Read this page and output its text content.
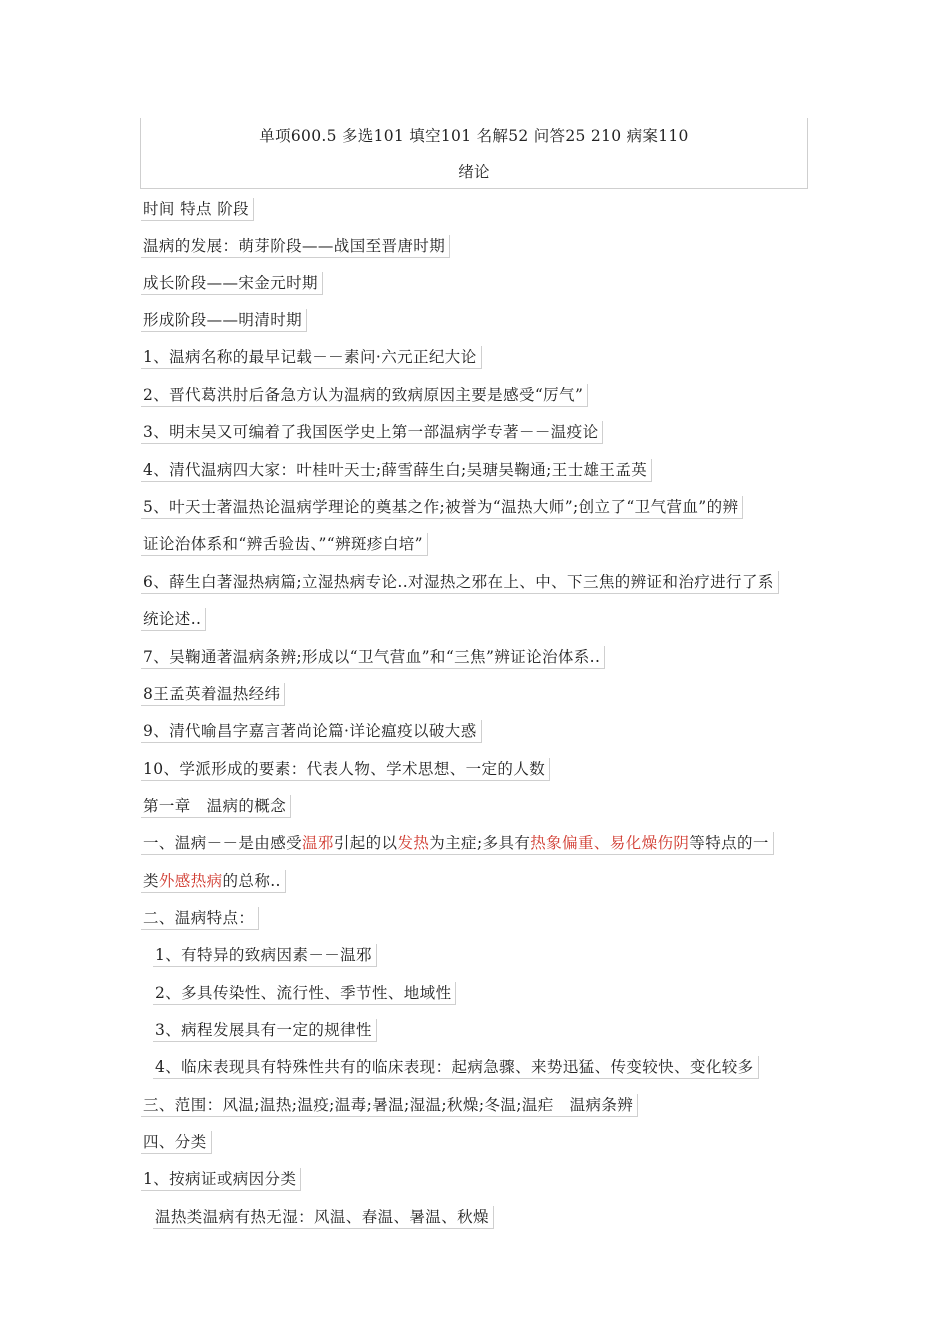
单项600.5 多选101 填空101 名解52 问答25 210 病案110
绪论
时间 特点 阶段
温病的发展：萌芽阶段——战国至晋唐时期
成长阶段——宋金元时期
形成阶段——明清时期
1、温病名称的最早记载－－素问·六元正纪大论
2、晋代葛洪肘后备急方认为温病的致病原因主要是感受“厉气”
3、明末吴又可编着了我国医学史上第一部温病学专著－－温疫论
4、清代温病四大家：叶桂叶天士;薛雪薛生白;吴瑭吴鞠通;王士雄王孟英
5、叶天士著温热论温病学理论的奠基之作;被誉为“温热大师”;创立了“卫气营血”的辨
证论治体系和“辨舌验齿、”“辨斑疹白培”
6、薛生白著湿热病篇;立湿热病专论..对湿热之邪在上、中、下三焦的辨证和治疗进行了系
统论述..
7、吴鞠通著温病条辨;形成以“卫气营血”和“三焦”辨证论治体系..
8王孟英着温热经纬
9、清代喻昌字嘉言著尚论篇·详论瘟疫以破大惑
10、学派形成的要素：代表人物、学术思想、一定的人数
第一章　温病的概念
一、温病－－是由感受温邪引起的以发热为主症;多具有热象偏重、易化燥伤阴等特点的一
类外感热病的总称..
二、温病特点：
1、有特异的致病因素－－温邪
2、多具传染性、流行性、季节性、地域性
3、病程发展具有一定的规律性
4、临床表现具有特殊性共有的临床表现：起病急骤、来势迅猛、传变较快、变化较多
三、范围：风温;温热;温疫;温毒;暑温;湿温;秋燥;冬温;温疟　温病条辨
四、分类
1、按病证或病因分类
温热类温病有热无湿：风温、春温、暑温、秋燥
